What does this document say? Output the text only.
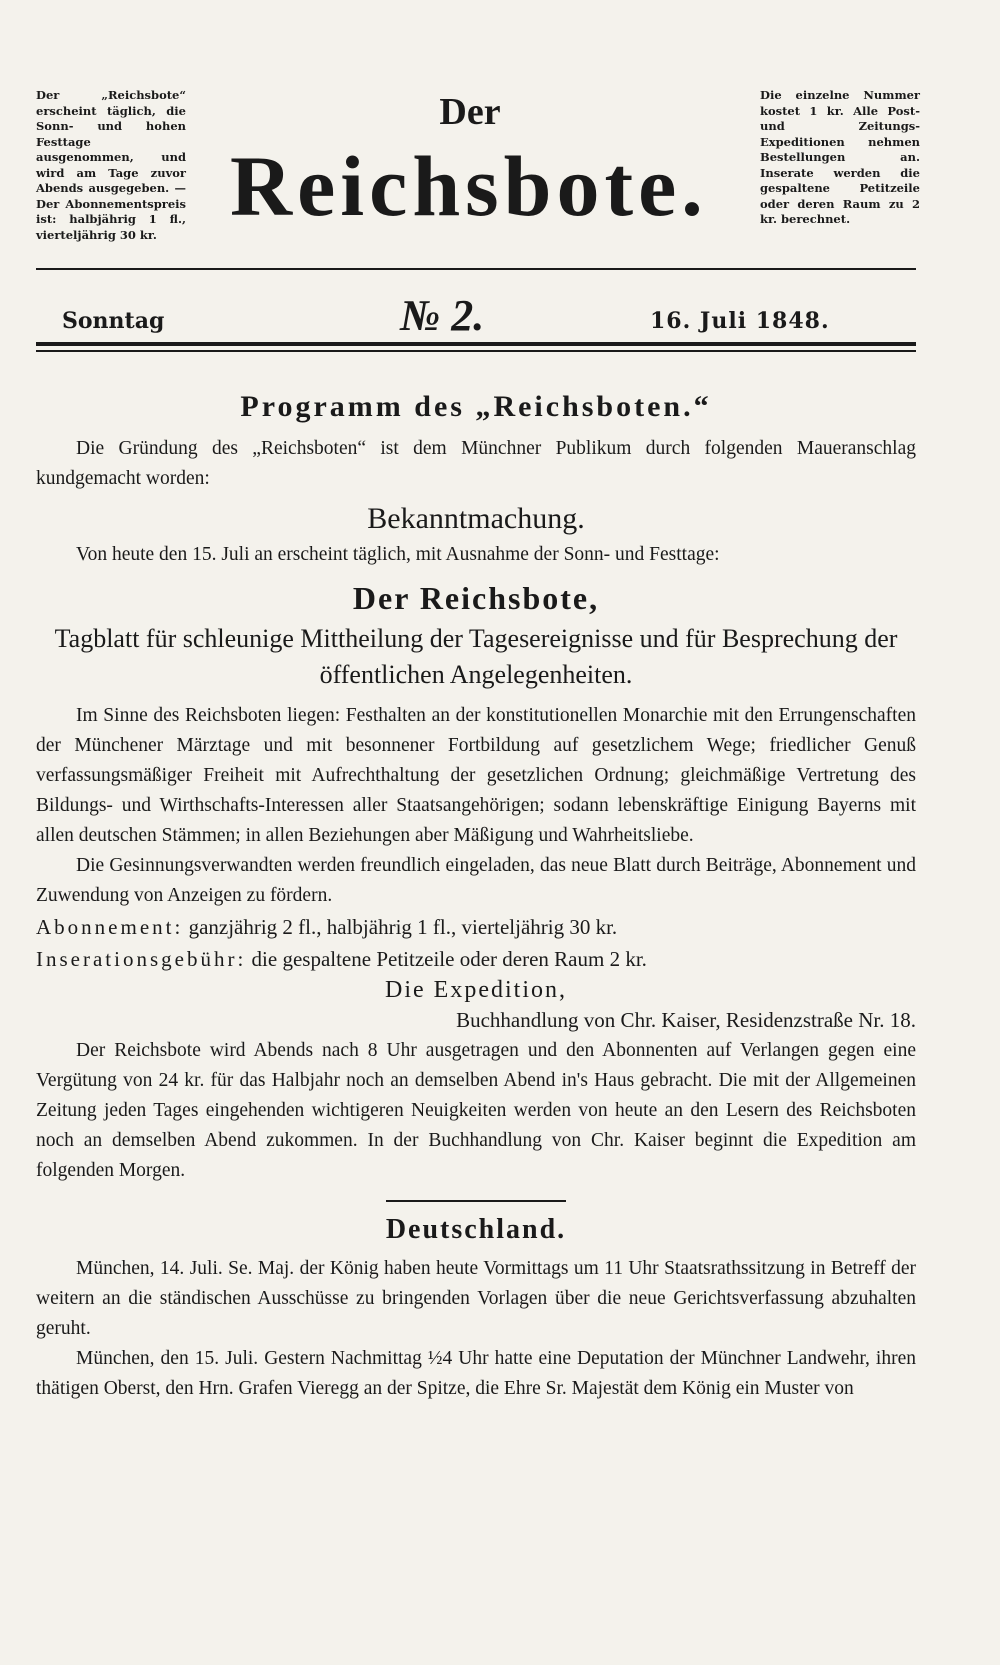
Der „Reichsbote“ erscheint täglich, die Sonn- und hohen Festtage ausgenommen, und wird am Tage zuvor Abends ausgegeben. — Der Abonnementspreis ist: halbjährig 1 fl., vierteljährig 30 kr.
Der
Reichsbote.
Die einzelne Nummer kostet 1 kr. Alle Post- und Zeitungs-Expeditionen nehmen Bestellungen an. Inserate werden die gespaltene Petitzeile oder deren Raum zu 2 kr. berechnet.
Sonntag	№ 2.	16. Juli 1848.
Programm des „Reichsboten.“

Die Gründung des „Reichsboten“ ist dem Münchner Publikum durch folgenden Maueranschlag kundgemacht worden:

Bekanntmachung.

Von heute den 15. Juli an erscheint täglich, mit Ausnahme der Sonn- und Festtage:

Der Reichsbote,
Tagblatt für schleunige Mittheilung der Tagesereignisse und für Besprechung der öffentlichen Angelegenheiten.

Im Sinne des Reichsboten liegen: Festhalten an der konstitutionellen Monarchie mit den Errungenschaften der Münchener Märztage und mit besonnener Fortbildung auf gesetzlichem Wege; friedlicher Genuß verfassungsmäßiger Freiheit mit Aufrechthaltung der gesetzlichen Ordnung; gleichmäßige Vertretung des Bildungs- und Wirthschafts-Interessen aller Staatsangehörigen; sodann lebenskräftige Einigung Bayerns mit allen deutschen Stämmen; in allen Beziehungen aber Mäßigung und Wahrheitsliebe.

Die Gesinnungsverwandten werden freundlich eingeladen, das neue Blatt durch Beiträge, Abonnement und Zuwendung von Anzeigen zu fördern.

Abonnement: ganzjährig 2 fl., halbjährig 1 fl., vierteljährig 30 kr.

Inserationsgebühr: die gespaltene Petitzeile oder deren Raum 2 kr.

Die Expedition,

Buchhandlung von Chr. Kaiser, Residenzstraße Nr. 18.

Der Reichsbote wird Abends nach 8 Uhr ausgetragen und den Abonnenten auf Verlangen gegen eine Vergütung von 24 kr. für das Halbjahr noch an demselben Abend in's Haus gebracht. Die mit der Allgemeinen Zeitung jeden Tages eingehenden wichtigeren Neuigkeiten werden von heute an den Lesern des Reichsboten noch an demselben Abend zukommen. In der Buchhandlung von Chr. Kaiser beginnt die Expedition am folgenden Morgen.

Deutschland.

München, 14. Juli. Se. Maj. der König haben heute Vormittags um 11 Uhr Staatsrathssitzung in Betreff der weitern an die ständischen Ausschüsse zu bringenden Vorlagen über die neue Gerichtsverfassung abzuhalten geruht.

München, den 15. Juli. Gestern Nachmittag ½4 Uhr hatte eine Deputation der Münchner Landwehr, ihren thätigen Oberst, den Hrn. Grafen Vieregg an der Spitze, die Ehre Sr. Majestät dem König ein Muster von
